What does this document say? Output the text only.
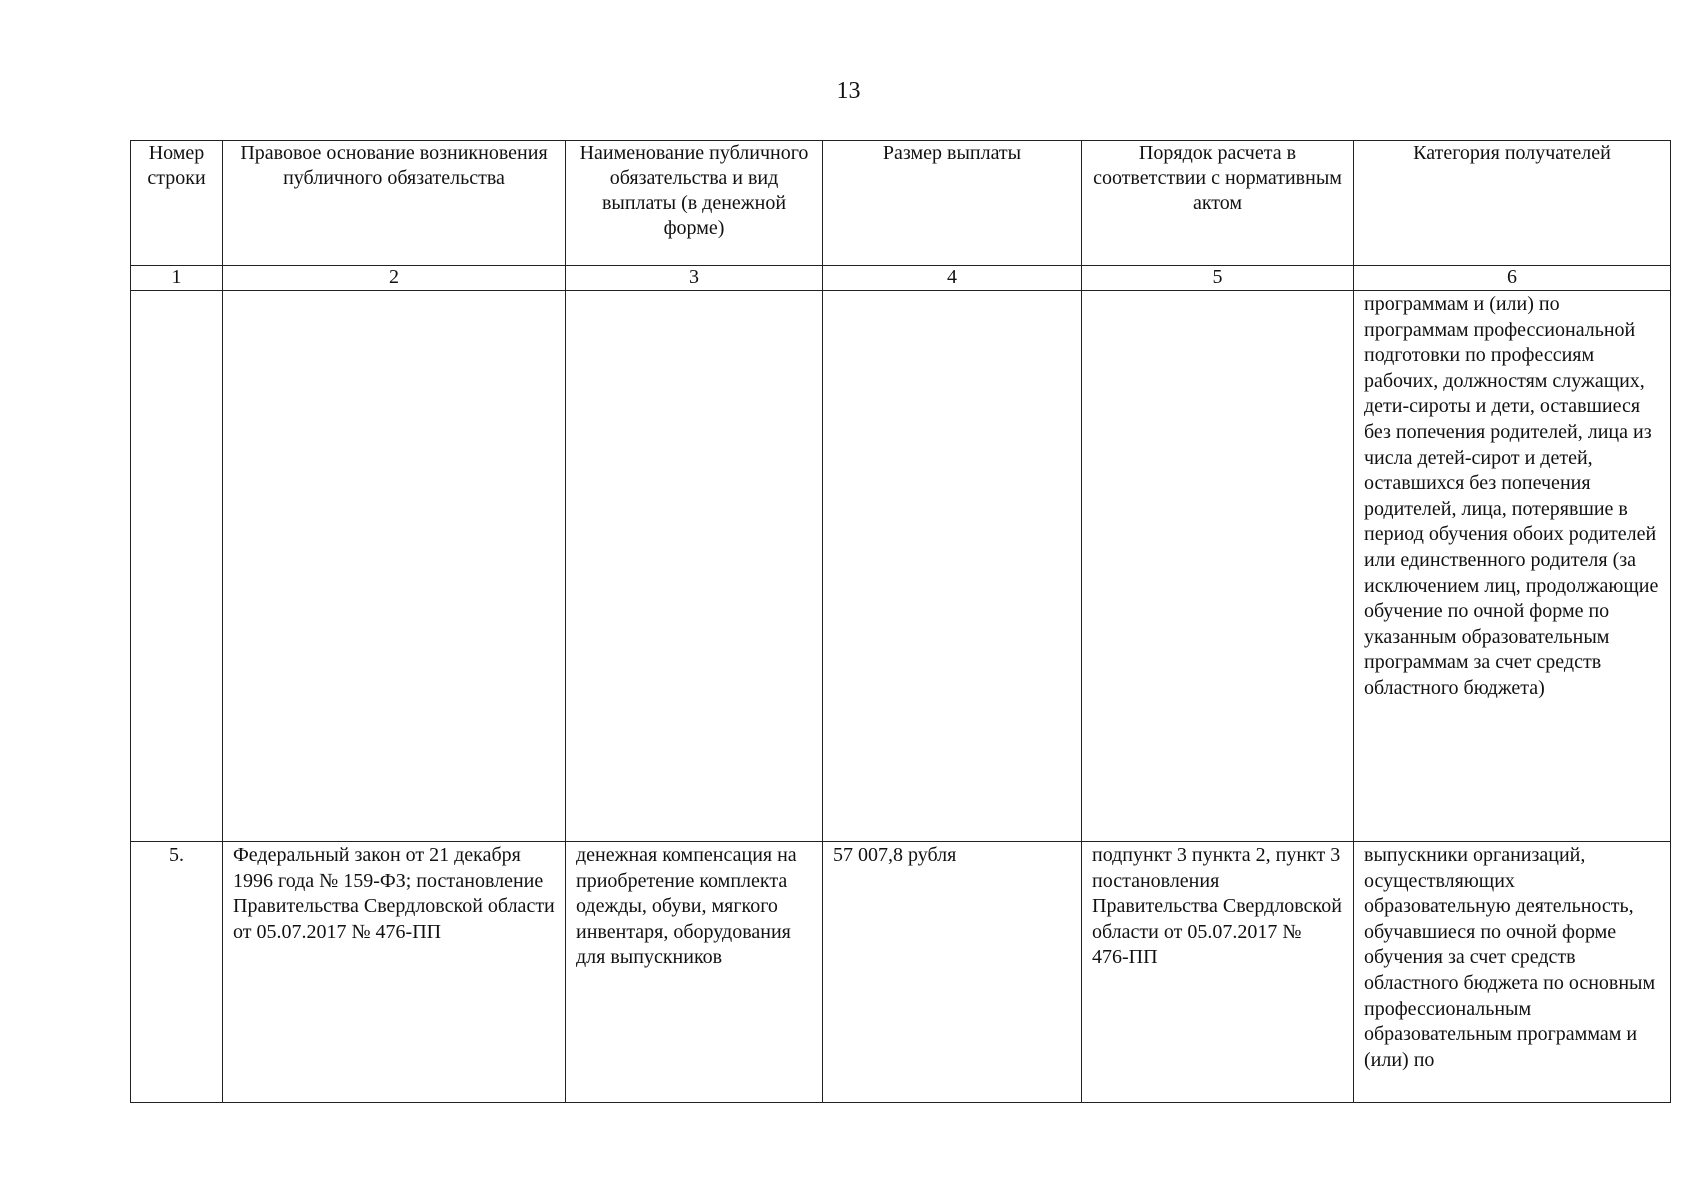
13
Номер строки	Правовое основание возникновения публичного обязательства	Наименование публичного обязательства и вид выплаты (в денежной форме)	Размер выплаты	Порядок расчета в соответствии с нормативным актом	Категория получателей
1	2	3	4	5	6
					программам и (или) по программам профессиональной подготовки по профессиям рабочих, должностям служащих, дети-сироты и дети, оставшиеся без попечения родителей, лица из числа детей-сирот и детей, оставшихся без попечения родителей, лица, потерявшие в период обучения обоих родителей или единственного родителя (за исключением лиц, продолжающие обучение по очной форме по указанным образовательным программам за счет средств областного бюджета)
5.	Федеральный закон от 21 декабря 1996 года № 159-ФЗ; постановление Правительства Свердловской области от 05.07.2017 № 476-ПП	денежная компенсация на приобретение комплекта одежды, обуви, мягкого инвентаря, оборудования для выпускников	57 007,8 рубля	подпункт 3 пункта 2, пункт 3 постановления Правительства Свердловской области от 05.07.2017 № 476-ПП	выпускники организаций, осуществляющих образовательную деятельность, обучавшиеся по очной форме обучения за счет средств областного бюджета по основным профессиональным образовательным программам и (или) по
